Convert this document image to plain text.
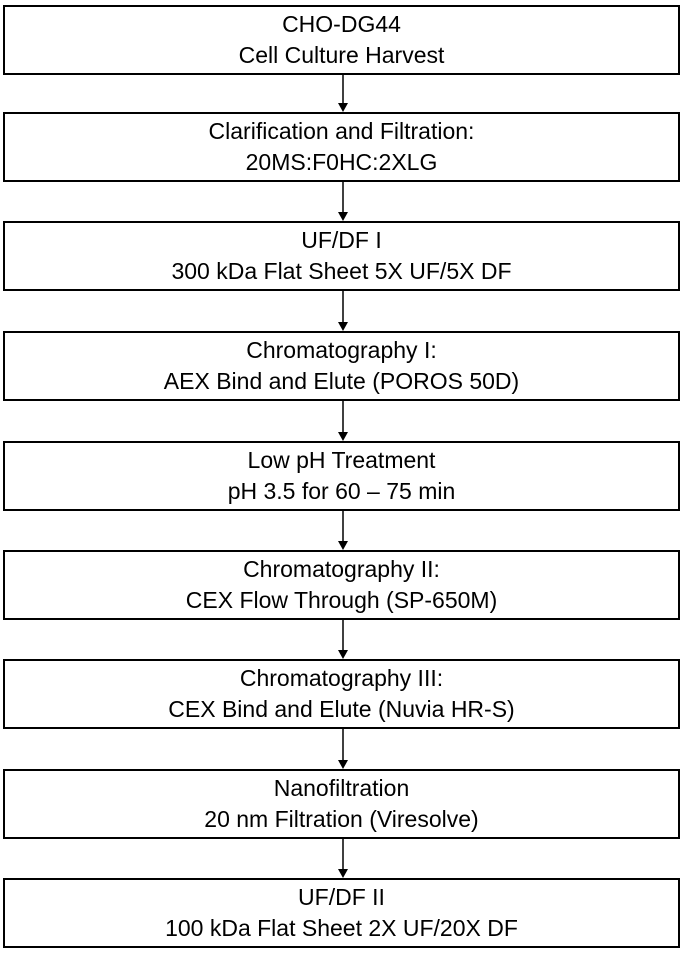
CHO-DG44
Cell Culture Harvest
Clarification and Filtration:
20MS:F0HC:2XLG
UF/DF I
300 kDa Flat Sheet 5X UF/5X DF
Chromatography I:
AEX Bind and Elute (POROS 50D)
Low pH Treatment
pH 3.5 for 60 – 75 min
Chromatography II:
CEX Flow Through (SP-650M)
Chromatography III:
CEX Bind and Elute (Nuvia HR-S)
Nanofiltration
20 nm Filtration (Viresolve)
UF/DF II
100 kDa Flat Sheet 2X UF/20X DF
